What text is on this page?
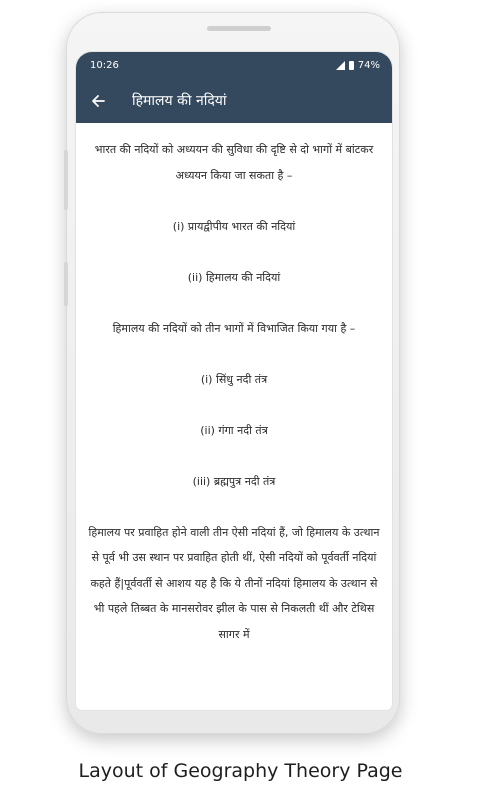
10:26	74%
हिमालय की नदियां

भारत की नदियों को अध्ययन की सुविधा की दृष्टि से दो भागों में बांटकर अध्ययन किया जा सकता है –

(i) प्रायद्वीपीय भारत की नदियां

(ii) हिमालय की नदियां

हिमालय की नदियों को तीन भागों में विभाजित किया गया है –

(i) सिंधु नदी तंत्र

(ii) गंगा नदी तंत्र

(iii) ब्रह्मपुत्र नदी तंत्र

हिमालय पर प्रवाहित होने वाली तीन ऐसी नदियां हैं, जो हिमालय के उत्थान से पूर्व भी उस स्थान पर प्रवाहित होती थीं, ऐसी नदियों को पूर्ववर्ती नदियां कहते हैं|पूर्ववर्ती से आशय यह है कि ये तीनों नदियां हिमालय के उत्थान से भी पहले तिब्बत के मानसरोवर झील के पास से निकलती थीं और टेथिस सागर में

Layout of Geography Theory Page
